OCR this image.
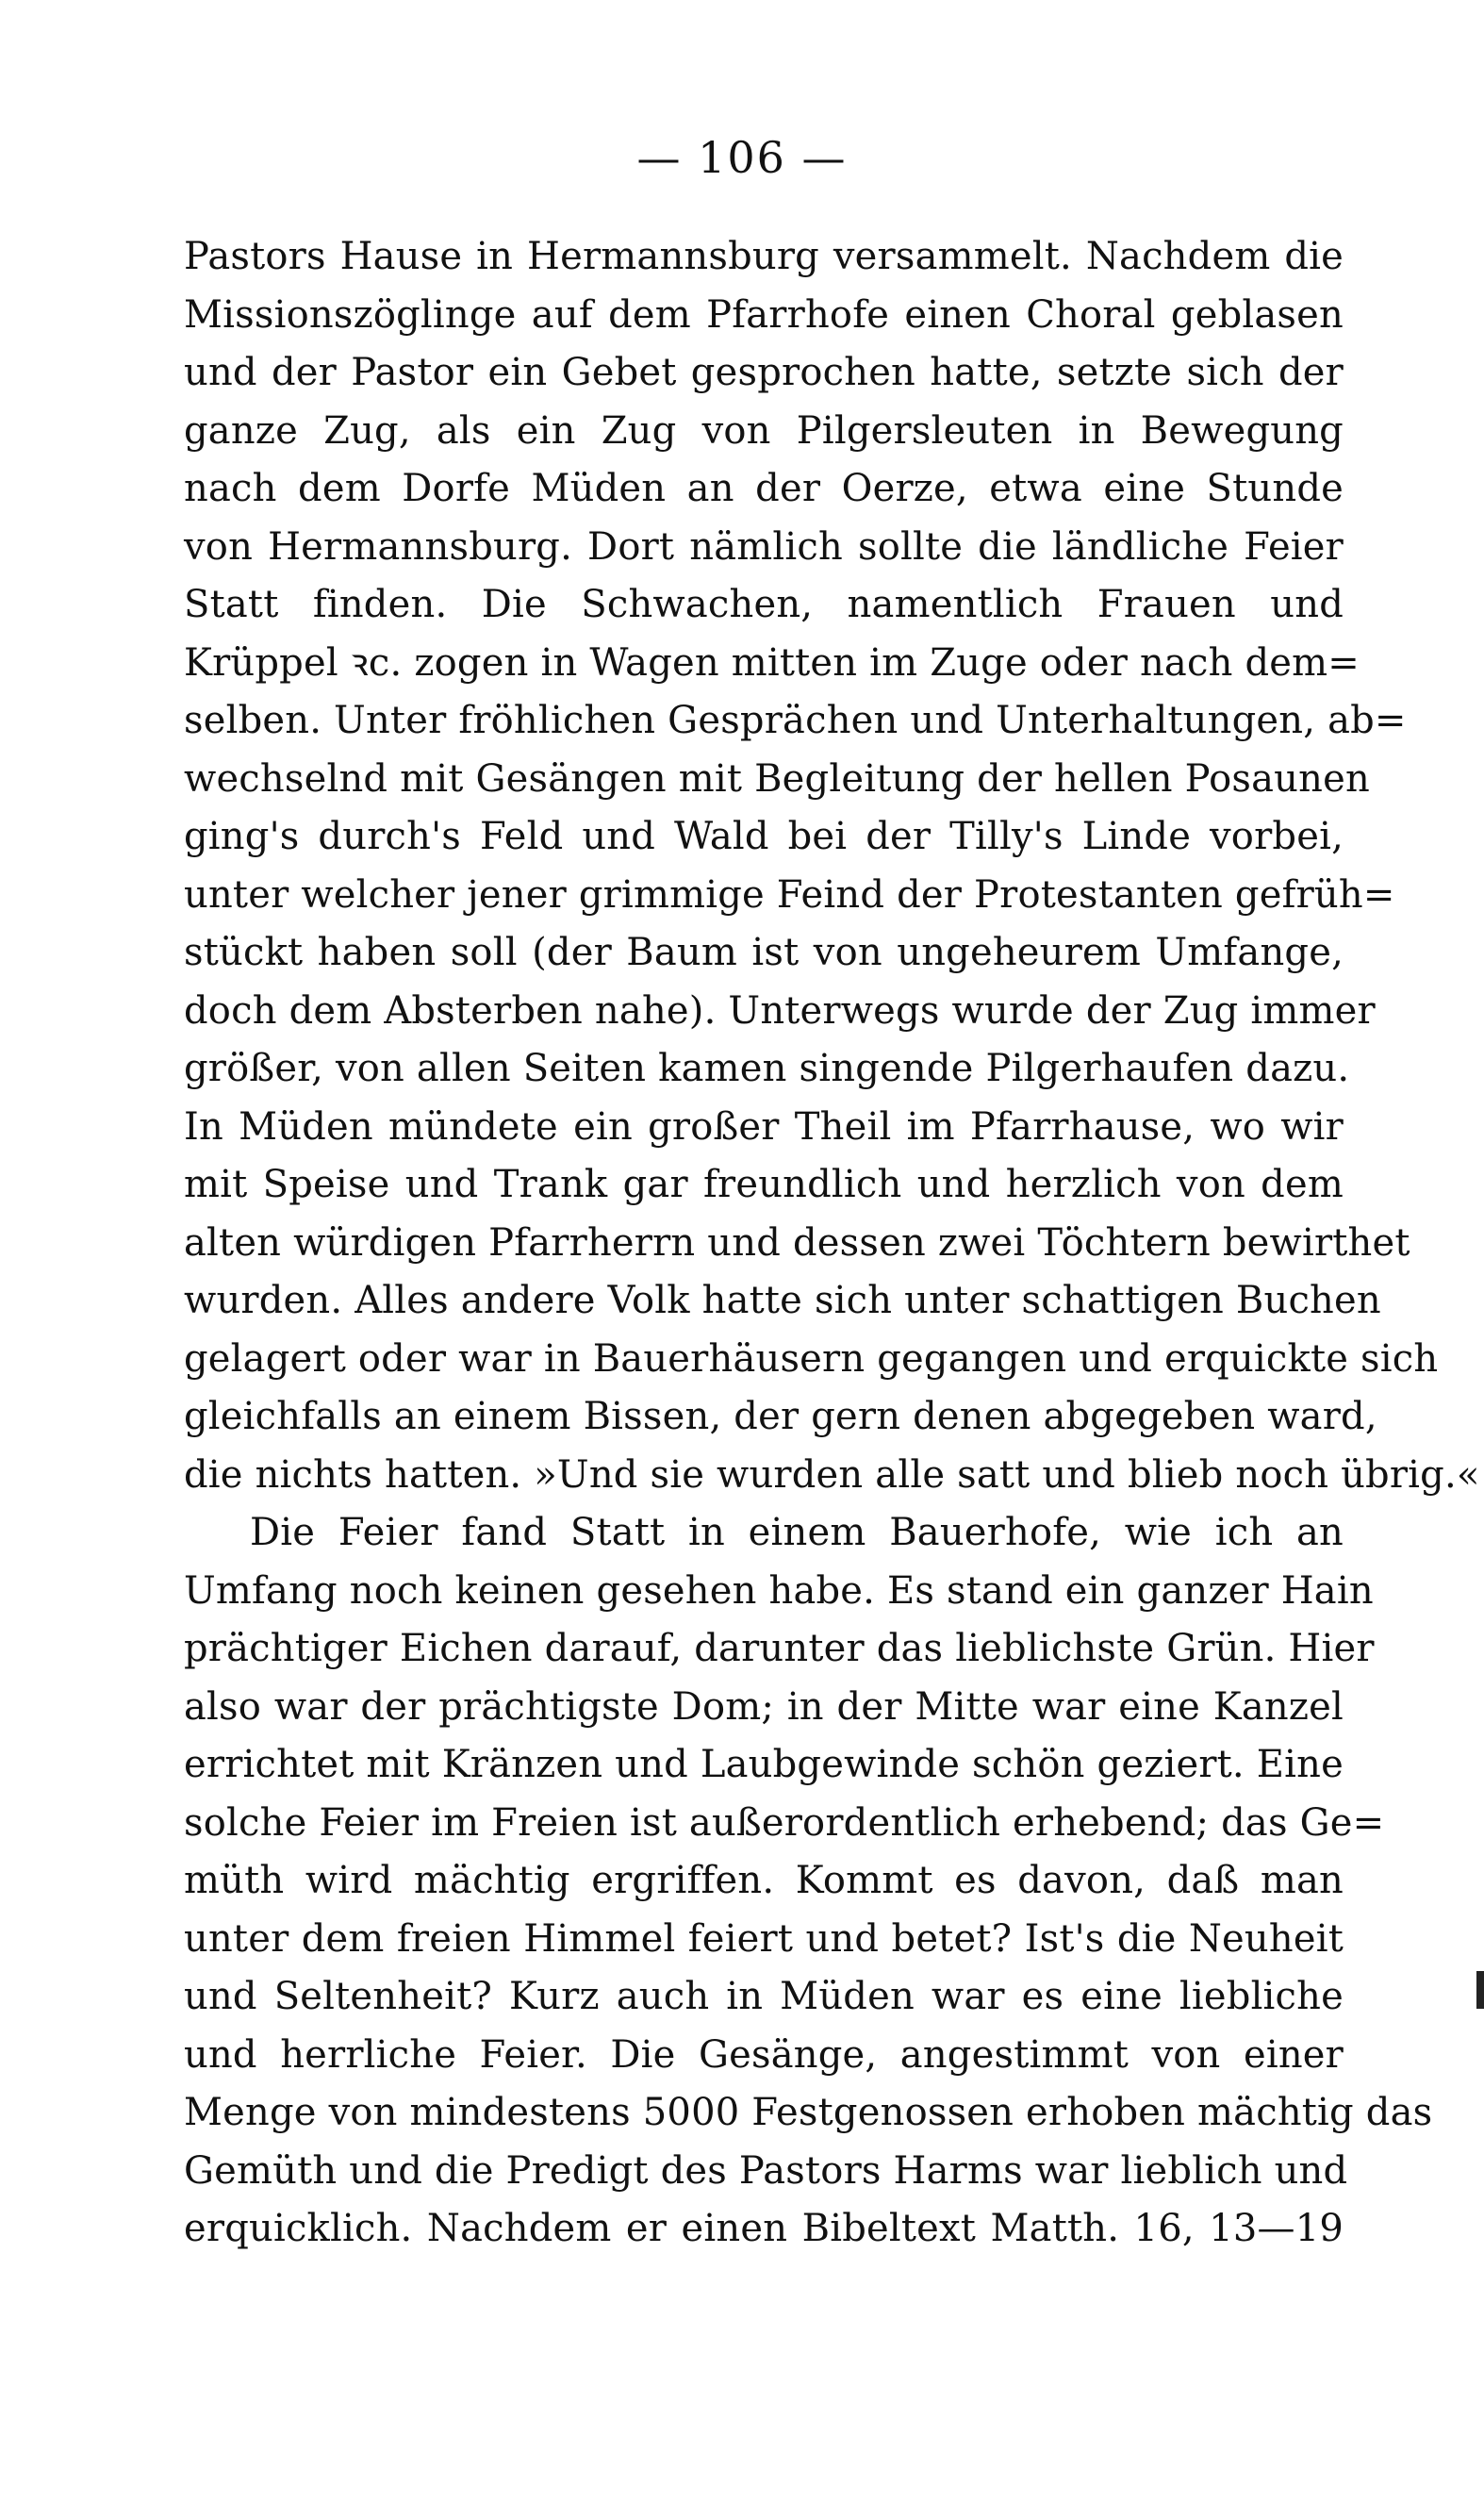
— 106 —
Pastors Hause in Hermannsburg versammelt. Nachdem die
Missionszöglinge auf dem Pfarrhofe einen Choral geblasen
und der Pastor ein Gebet gesprochen hatte, setzte sich der
ganze Zug, als ein Zug von Pilgersleuten in Bewegung
nach dem Dorfe Müden an der Oerze, etwa eine Stunde
von Hermannsburg. Dort nämlich sollte die ländliche Feier
Statt finden. Die Schwachen, namentlich Frauen und
Krüppel ꝛc. zogen in Wagen mitten im Zuge oder nach dem=
selben. Unter fröhlichen Gesprächen und Unterhaltungen, ab=
wechselnd mit Gesängen mit Begleitung der hellen Posaunen
ging's durch's Feld und Wald bei der Tilly's Linde vorbei,
unter welcher jener grimmige Feind der Protestanten gefrüh=
stückt haben soll (der Baum ist von ungeheurem Umfange,
doch dem Absterben nahe). Unterwegs wurde der Zug immer
größer, von allen Seiten kamen singende Pilgerhaufen dazu.
In Müden mündete ein großer Theil im Pfarrhause, wo wir
mit Speise und Trank gar freundlich und herzlich von dem
alten würdigen Pfarrherrn und dessen zwei Töchtern bewirthet
wurden. Alles andere Volk hatte sich unter schattigen Buchen
gelagert oder war in Bauerhäusern gegangen und erquickte sich
gleichfalls an einem Bissen, der gern denen abgegeben ward,
die nichts hatten. »Und sie wurden alle satt und blieb noch übrig.«
Die Feier fand Statt in einem Bauerhofe, wie ich an
Umfang noch keinen gesehen habe. Es stand ein ganzer Hain
prächtiger Eichen darauf, darunter das lieblichste Grün. Hier
also war der prächtigste Dom; in der Mitte war eine Kanzel
errichtet mit Kränzen und Laubgewinde schön geziert. Eine
solche Feier im Freien ist außerordentlich erhebend; das Ge=
müth wird mächtig ergriffen. Kommt es davon, daß man
unter dem freien Himmel feiert und betet? Ist's die Neuheit
und Seltenheit? Kurz auch in Müden war es eine liebliche
und herrliche Feier. Die Gesänge, angestimmt von einer
Menge von mindestens 5000 Festgenossen erhoben mächtig das
Gemüth und die Predigt des Pastors Harms war lieblich und
erquicklich. Nachdem er einen Bibeltext Matth. 16, 13—19
